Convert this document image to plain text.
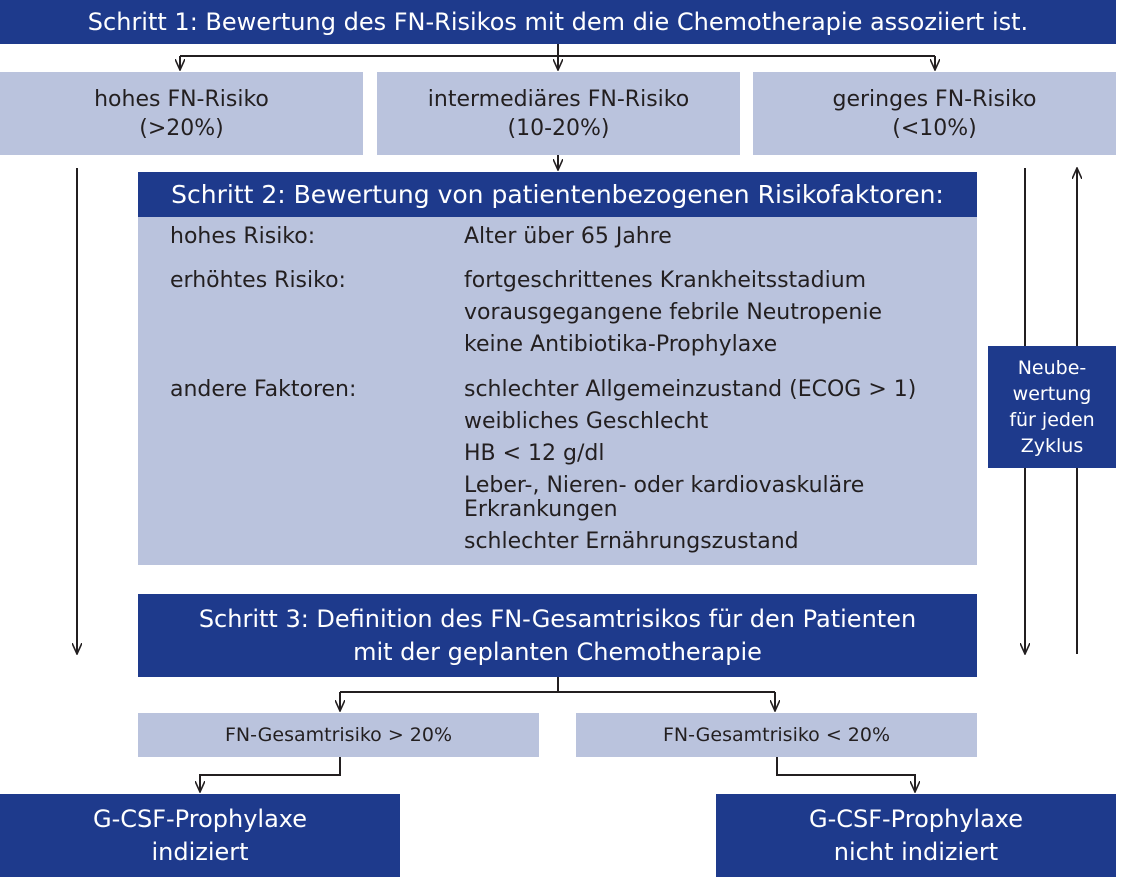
Schritt 1: Bewertung des FN-Risikos mit dem die Chemotherapie assoziiert ist.
hohes FN-Risiko
(>20%)
intermediäres FN-Risiko
(10-20%)
geringes FN-Risiko
(<10%)
Schritt 2: Bewertung von patientenbezogenen Risikofaktoren:
hohes Risiko:	Alter über 65 Jahre
erhöhtes Risiko:	fortgeschrittenes Krankheitsstadium
vorausgegangene febrile Neutropenie
keine Antibiotika-Prophylaxe
andere Faktoren:	schlechter Allgemeinzustand (ECOG > 1)
weibliches Geschlecht
HB < 12 g/dl
Leber-, Nieren- oder kardiovaskuläre Erkrankungen
schlechter Ernährungszustand
Neube-
wertung
für jeden
Zyklus
Schritt 3: Definition des FN-Gesamtrisikos für den Patienten
mit der geplanten Chemotherapie
FN-Gesamtrisiko > 20%	FN-Gesamtrisiko < 20%
G-CSF-Prophylaxe
indiziert
G-CSF-Prophylaxe
nicht indiziert
